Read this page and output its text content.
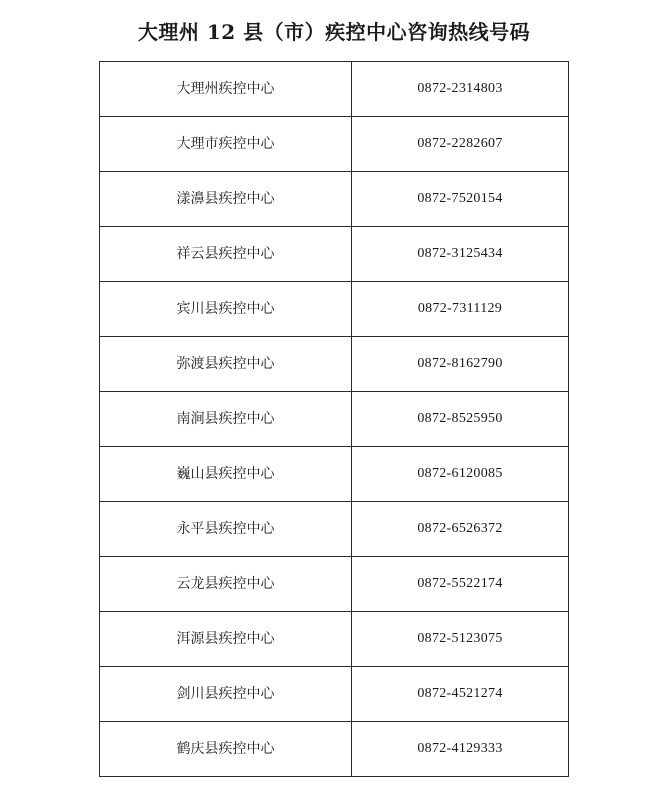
大理州 12 县（市）疾控中心咨询热线号码
大理州疾控中心	0872-2314803
大理市疾控中心	0872-2282607
漾濞县疾控中心	0872-7520154
祥云县疾控中心	0872-3125434
宾川县疾控中心	0872-7311129
弥渡县疾控中心	0872-8162790
南涧县疾控中心	0872-8525950
巍山县疾控中心	0872-6120085
永平县疾控中心	0872-6526372
云龙县疾控中心	0872-5522174
洱源县疾控中心	0872-5123075
剑川县疾控中心	0872-4521274
鹤庆县疾控中心	0872-4129333
